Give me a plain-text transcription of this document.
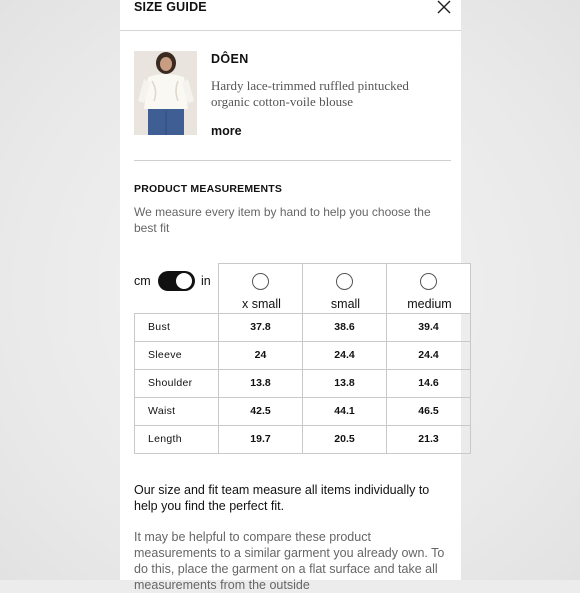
SIZE GUIDE
DÔEN
Hardy lace-trimmed ruffled pintucked organic cotton-voile blouse
more
PRODUCT MEASUREMENTS
We measure every item by hand to help you choose the best fit
cm	in
x small	small	medium
Bust	37.8	38.6	39.4
Sleeve	24	24.4	24.4
Shoulder	13.8	13.8	14.6
Waist	42.5	44.1	46.5
Length	19.7	20.5	21.3
Our size and fit team measure all items individually to help you find the perfect fit.
It may be helpful to compare these product measurements to a similar garment you already own. To do this, place the garment on a flat surface and take all measurements from the outside
